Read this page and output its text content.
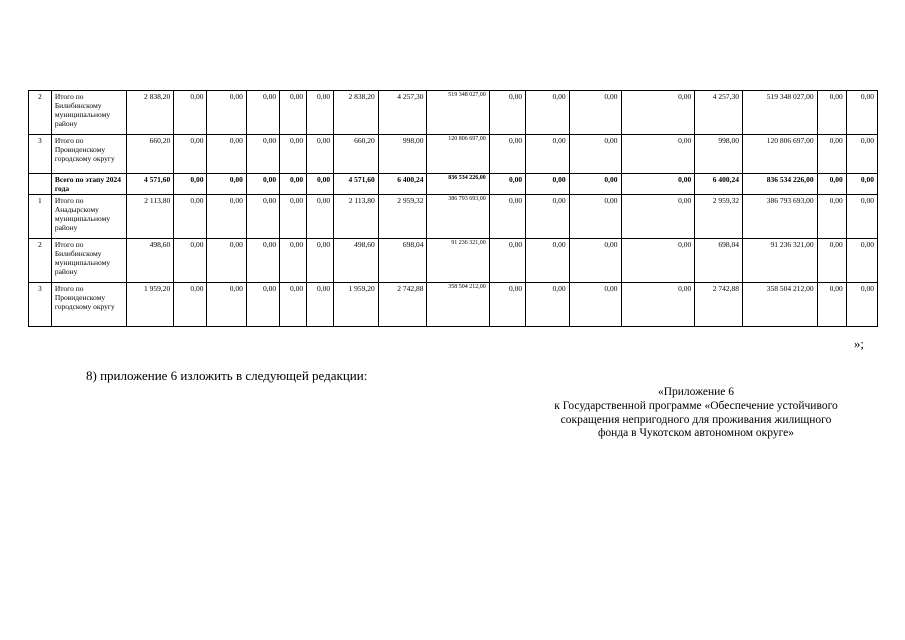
2	Итого по Билибинскому муниципальному району	2 838,20	0,00	0,00	0,00	0,00	0,00	2 838,20	4 257,30	519 348 027,00	0,00	0,00	0,00	0,00	4 257,30	519 348 027,00	0,00	0,00
3	Итого по Провиденскому городскому округу	660,20	0,00	0,00	0,00	0,00	0,00	660,20	998,00	120 806 697,00	0,00	0,00	0,00	0,00	998,00	120 806 697,00	0,00	0,00
	Всего по этапу 2024 года	4 571,60	0,00	0,00	0,00	0,00	0,00	4 571,60	6 400,24	836 534 226,00	0,00	0,00	0,00	0,00	6 400,24	836 534 226,00	0,00	0,00
1	Итого по Анадырскому муниципальному району	2 113,80	0,00	0,00	0,00	0,00	0,00	2 113,80	2 959,32	386 793 693,00	0,00	0,00	0,00	0,00	2 959,32	386 793 693,00	0,00	0,00
2	Итого по Билибинскому муниципальному району	498,60	0,00	0,00	0,00	0,00	0,00	498,60	698,04	91 236 321,00	0,00	0,00	0,00	0,00	698,04	91 236 321,00	0,00	0,00
3	Итого по Провиденскому городскому округу	1 959,20	0,00	0,00	0,00	0,00	0,00	1 959,20	2 742,88	358 504 212,00	0,00	0,00	0,00	0,00	2 742,88	358 504 212,00	0,00	0,00
»;
8) приложение 6 изложить в следующей редакции:
«Приложение 6
к Государственной программе «Обеспечение устойчивого
сокращения непригодного для проживания жилищного
фонда в Чукотском автономном округе»
